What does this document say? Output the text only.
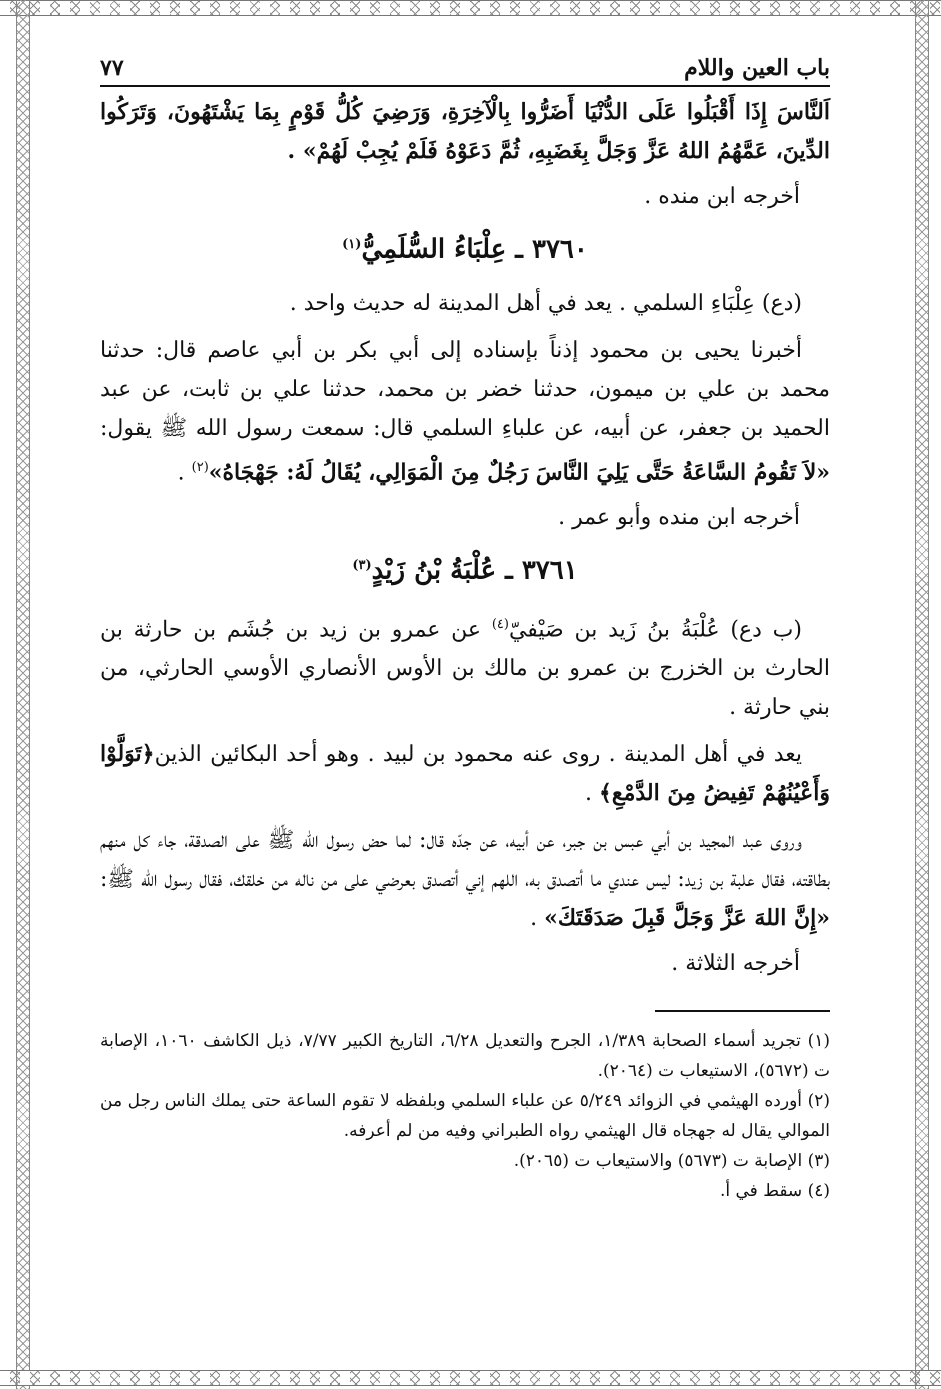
باب العين واللام
٧٧

اَلنَّاسَ إِذَا أَقْبَلُوا عَلَى الدُّنْيَا أَضَرُّوا بِالْآخِرَةِ، وَرَضِيَ كُلُّ قَوْمٍ بِمَا يَشْتَهُونَ، وَتَرَكُوا الدِّينَ، عَمَّهُمُ اللهُ عَزَّ وَجَلَّ بِغَضَبِهِ، ثُمَّ دَعَوْهُ فَلَمْ يُجِبْ لَهُمْ» .

أخرجه ابن منده .
٣٧٦٠ ـ عِلْبَاءُ السُّلَمِيُّ$^{(١)}$

(دع) عِلْبَاءِ السلمي . يعد في أهل المدينة له حديث واحد .

أخبرنا يحيى بن محمود إذناً بإسناده إلى أبي بكر بن أبي عاصم قال: حدثنا محمد بن علي بن ميمون، حدثنا خضر بن محمد، حدثنا علي بن ثابت، عن عبد الحميد بن جعفر، عن أبيه، عن علباءِ السلمي قال: سمعت رسول الله ﷺ يقول: «لاَ تَقُومُ السَّاعَةُ حَتَّى يَلِيَ النَّاسَ رَجُلٌ مِنَ الْمَوَالِي، يُقَالُ لَهُ: جَهْجَاهُ»$^{(٢)}$ .

أخرجه ابن منده وأبو عمر .
٣٧٦١ ـ عُلْبَةُ بْنُ زَيْدٍ$^{(٣)}$

(ب دع) عُلْبَةُ بنُ زَيد بن صَيْفيّ$^{(٤)}$ عن عمرو بن زيد بن جُشَم بن حارثة بن الحارث بن الخزرج بن عمرو بن مالك بن الأوس الأنصاري الأوسي الحارثي، من بني حارثة .

يعد في أهل المدينة . روى عنه محمود بن لبيد . وهو أحد البكائين الذين﴿تَوَلَّوْا وَأَعْيُنُهُمْ تَفِيضُ مِنَ الدَّمْعِ﴾ .

وروى عبد المجيد بن أبي عبس بن جبر، عن أبيه، عن جدّه قال: لما حض رسول الله ﷺ على الصدقة، جاء كل منهم بطاقته، فقال علبة بن زيد: ليس عندي ما أتصدق به، اللهم إني أتصدق بعرضي على من ناله من خلقك، فقال رسول الله ﷺ: «إِنَّ اللهَ عَزَّ وَجَلَّ قَبِلَ صَدَقَتَكَ» .

أخرجه الثلاثة .

(١) تجريد أسماء الصحابة ١/٣٨٩، الجرح والتعديل ٦/٢٨، التاريخ الكبير ٧/٧٧، ذيل الكاشف ١٠٦٠، الإصابة ت (٥٦٧٢)، الاستيعاب ت (٢٠٦٤).

(٢) أورده الهيثمي في الزوائد ٥/٢٤٩ عن علباء السلمي وبلفظه لا تقوم الساعة حتى يملك الناس رجل من الموالي يقال له جهجاه قال الهيثمي رواه الطبراني وفيه من لم أعرفه.

(٣) الإصابة ت (٥٦٧٣) والاستيعاب ت (٢٠٦٥).

(٤) سقط في أ.
